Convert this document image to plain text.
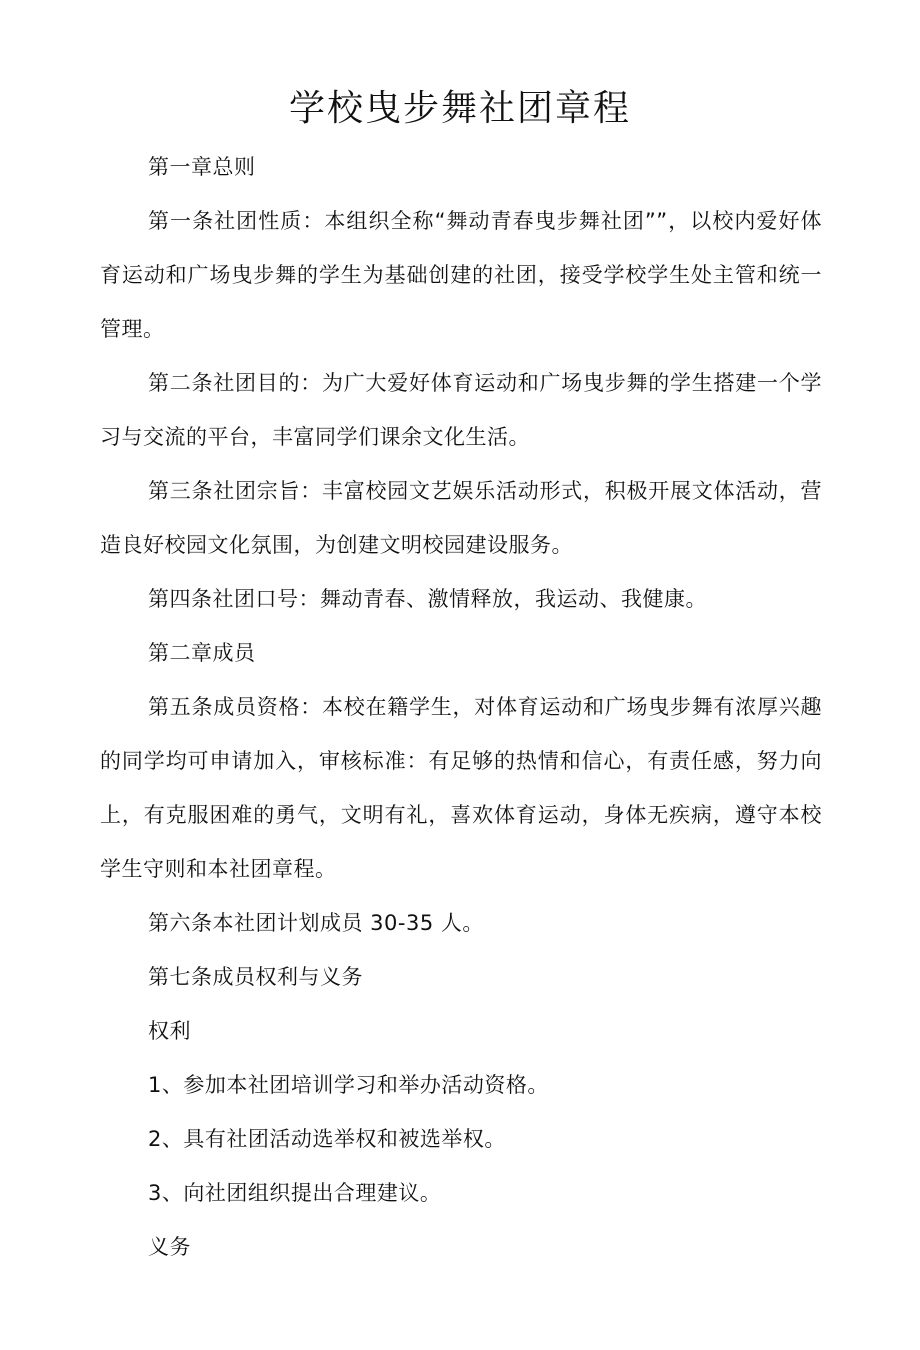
学校曳步舞社团章程

第一章总则

第一条社团性质：本组织全称“舞动青春曳步舞社团””，以校内爱好体育运动和广场曳步舞的学生为基础创建的社团，接受学校学生处主管和统一管理。

第二条社团目的：为广大爱好体育运动和广场曳步舞的学生搭建一个学习与交流的平台，丰富同学们课余文化生活。

第三条社团宗旨：丰富校园文艺娱乐活动形式，积极开展文体活动，营造良好校园文化氛围，为创建文明校园建设服务。

第四条社团口号：舞动青春、激情释放，我运动、我健康。

第二章成员

第五条成员资格：本校在籍学生，对体育运动和广场曳步舞有浓厚兴趣的同学均可申请加入，审核标准：有足够的热情和信心，有责任感，努力向上，有克服困难的勇气，文明有礼，喜欢体育运动，身体无疾病，遵守本校学生守则和本社团章程。

第六条本社团计划成员 30-35 人。

第七条成员权利与义务

权利

1、参加本社团培训学习和举办活动资格。

2、具有社团活动选举权和被选举权。

3、向社团组织提出合理建议。

义务
